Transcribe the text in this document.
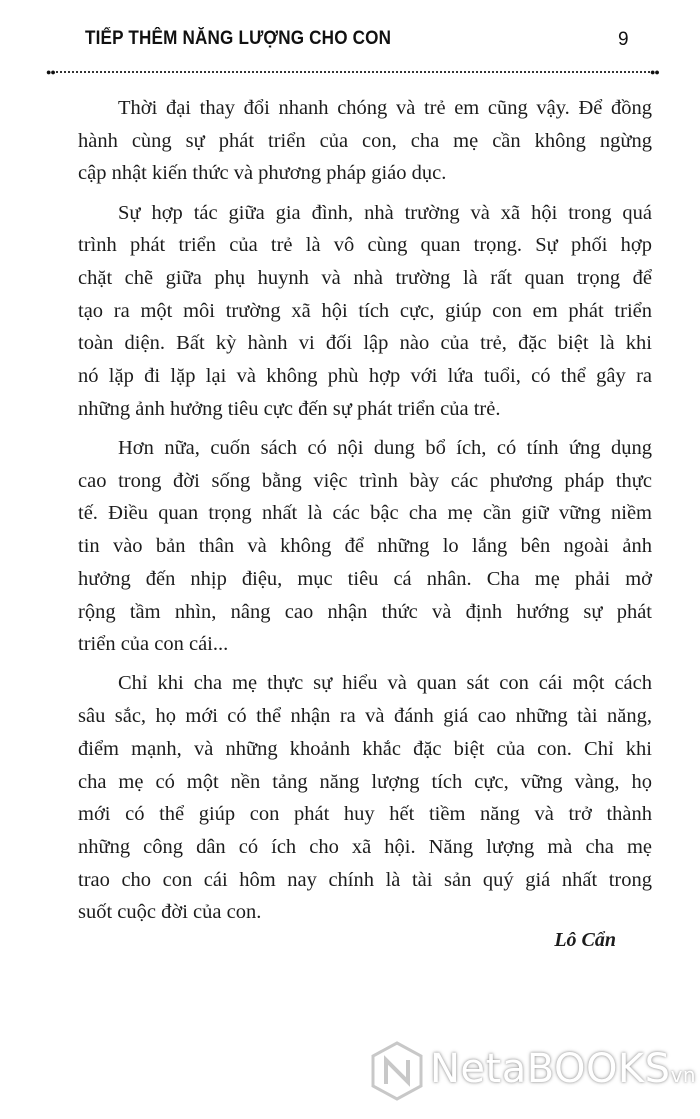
TIẾP THÊM NĂNG LƯỢNG CHO CON	9
●●	●●
Thời đại thay đổi nhanh chóng và trẻ em cũng vậy. Để đồng
hành cùng sự phát triển của con, cha mẹ cần không ngừng
cập nhật kiến thức và phương pháp giáo dục.
Sự hợp tác giữa gia đình, nhà trường và xã hội trong quá
trình phát triển của trẻ là vô cùng quan trọng. Sự phối hợp
chặt chẽ giữa phụ huynh và nhà trường là rất quan trọng để
tạo ra một môi trường xã hội tích cực, giúp con em phát triển
toàn diện. Bất kỳ hành vi đối lập nào của trẻ, đặc biệt là khi
nó lặp đi lặp lại và không phù hợp với lứa tuổi, có thể gây ra
những ảnh hưởng tiêu cực đến sự phát triển của trẻ.
Hơn nữa, cuốn sách có nội dung bổ ích, có tính ứng dụng
cao trong đời sống bằng việc trình bày các phương pháp thực
tế. Điều quan trọng nhất là các bậc cha mẹ cần giữ vững niềm
tin vào bản thân và không để những lo lắng bên ngoài ảnh
hưởng đến nhịp điệu, mục tiêu cá nhân. Cha mẹ phải mở
rộng tầm nhìn, nâng cao nhận thức và định hướng sự phát
triển của con cái...
Chỉ khi cha mẹ thực sự hiểu và quan sát con cái một cách
sâu sắc, họ mới có thể nhận ra và đánh giá cao những tài năng,
điểm mạnh, và những khoảnh khắc đặc biệt của con. Chỉ khi
cha mẹ có một nền tảng năng lượng tích cực, vững vàng, họ
mới có thể giúp con phát huy hết tiềm năng và trở thành
những công dân có ích cho xã hội. Năng lượng mà cha mẹ
trao cho con cái hôm nay chính là tài sản quý giá nhất trong
suốt cuộc đời của con.
Lô Cẩn
NetaBOOKSvn
